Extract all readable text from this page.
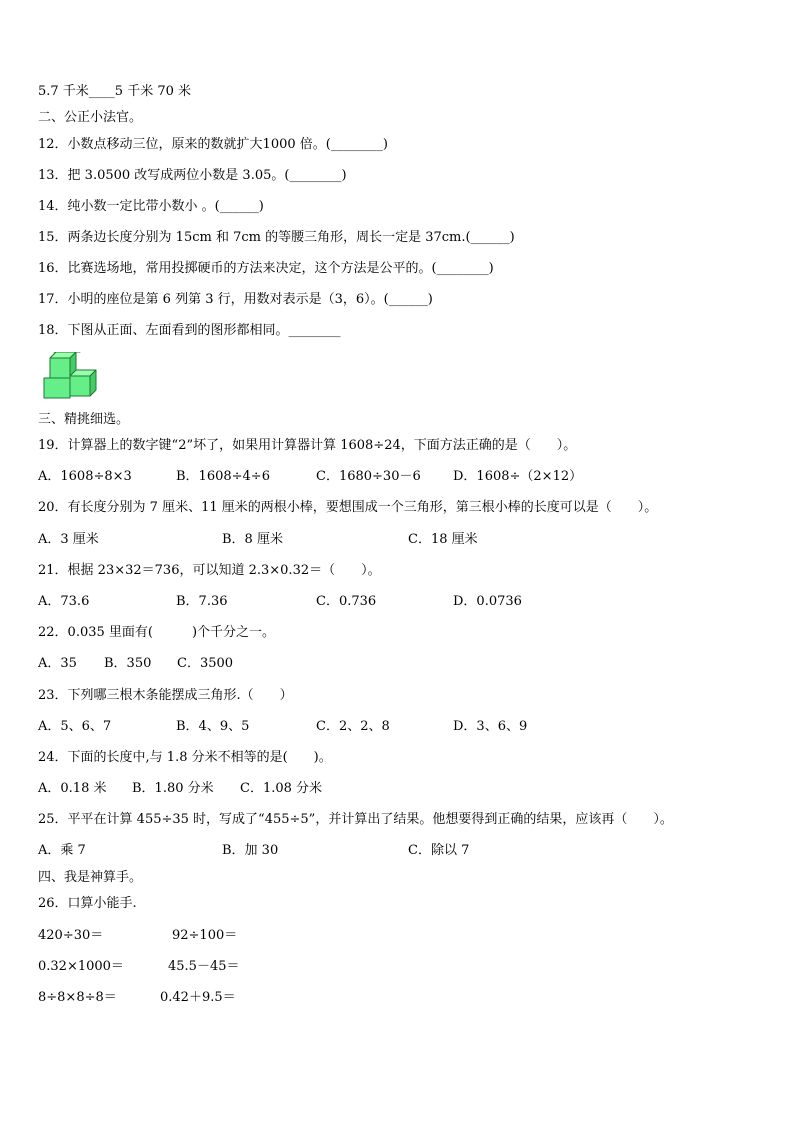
5.7 千米____5 千米 70 米
二、公正小法官。
12．小数点移动三位，原来的数就扩大1000 倍。(________)
13．把 3.0500 改写成两位小数是 3.05。(________)
14．纯小数一定比带小数小 。(______)
15．两条边长度分别为 15cm 和 7cm 的等腰三角形，周长一定是 37cm.(______)
16．比赛选场地，常用投掷硬币的方法来决定，这个方法是公平的。(________)
17．小明的座位是第 6 列第 3 行，用数对表示是（3，6）。(______)
18．下图从正面、左面看到的图形都相同。________
三、精挑细选。
19．计算器上的数字键“2”坏了，如果用计算器计算 1608÷24，下面方法正确的是（　　）。
A．1608÷8×3	B．1608÷4÷6	C．1680÷30－6 D．1608÷（2×12）
20．有长度分别为 7 厘米、11 厘米的两根小棒，要想围成一个三角形，第三根小棒的长度可以是（　　）。
A．3 厘米	B．8 厘米	C．18 厘米
21．根据 23×32＝736，可以知道 2.3×0.32＝（　　）。
A．73.6	B．7.36	C．0.736	D．0.0736
22．0.035 里面有(　　　)个千分之一。
A．35 B．350 C．3500
23．下列哪三根木条能摆成三角形.（　　）
A．5、6、7	B．4、9、5	C．2、2、8	D．3、6、9
24．下面的长度中,与 1.8 分米不相等的是(　　)。
A．0.18 米 B．1.80 分米 C．1.08 分米
25．平平在计算 455÷35 时，写成了“455÷5”，并计算出了结果。他想要得到正确的结果，应该再（　　）。
A．乘 7	B．加 30	C．除以 7
四、我是神算手。
26．口算小能手.
420÷30＝	92÷100＝
0.32×1000＝	45.5－45＝
8÷8×8÷8＝	0.42＋9.5＝
